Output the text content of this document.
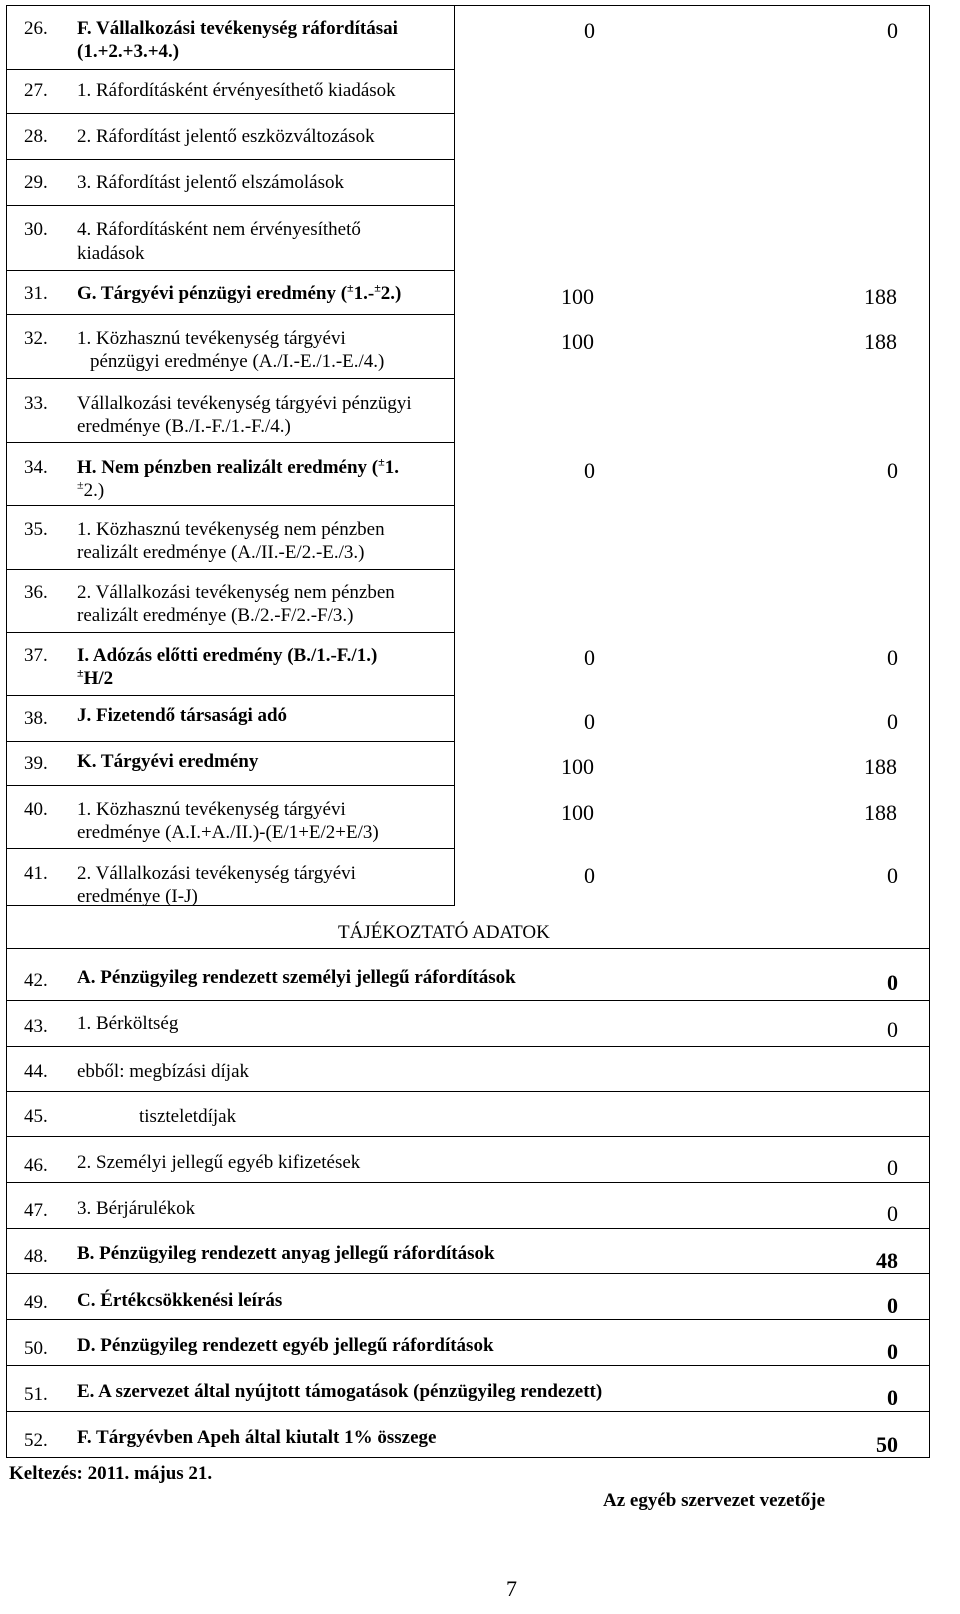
26. F. Vállalkozási tevékenység ráfordításai
(1.+2.+3.+4.)
0	0
27. 1. Ráfordításként érvényesíthető kiadások
28. 2. Ráfordítást jelentő eszközváltozások
29. 3. Ráfordítást jelentő elszámolások
30. 4. Ráfordításként nem érvényesíthető
kiadások
31. G. Tárgyévi pénzügyi eredmény (±1.-±2.)	100	188
32. 1. Közhasznú tevékenység tárgyévi
pénzügyi eredménye (A./I.-E./1.-E./4.)
100	188
33. Vállalkozási tevékenység tárgyévi pénzügyi
eredménye (B./I.-F./1.-F./4.)
34. H. Nem pénzben realizált eredmény (±1.
±2.)
0	0
35. 1. Közhasznú tevékenység nem pénzben
realizált eredménye (A./II.-E/2.-E./3.)
36. 2. Vállalkozási tevékenység nem pénzben
realizált eredménye (B./2.-F/2.-F/3.)
37. I. Adózás előtti eredmény (B./1.-F./1.)
±H/2
0	0
38. J. Fizetendő társasági adó	0	0
39. K. Tárgyévi eredmény	100	188
40. 1. Közhasznú tevékenység tárgyévi
eredménye (A.I.+A./II.)-(E/1+E/2+E/3)
100	188
41. 2. Vállalkozási tevékenység tárgyévi
eredménye (I-J)
0	0
TÁJÉKOZTATÓ ADATOK
42. A. Pénzügyileg rendezett személyi jellegű ráfordítások	0
43. 1. Bérköltség	0
44. ebből: megbízási díjak
45.	tiszteletdíjak
46. 2. Személyi jellegű egyéb kifizetések	0
47. 3. Bérjárulékok	0
48. B. Pénzügyileg rendezett anyag jellegű ráfordítások	48
49. C. Értékcsökkenési leírás	0
50. D. Pénzügyileg rendezett egyéb jellegű ráfordítások	0
51. E. A szervezet által nyújtott támogatások (pénzügyileg rendezett)	0
52. F. Tárgyévben Apeh által kiutalt 1% összege	50
Keltezés: 2011. május 21.
Az egyéb szervezet vezetője
7
